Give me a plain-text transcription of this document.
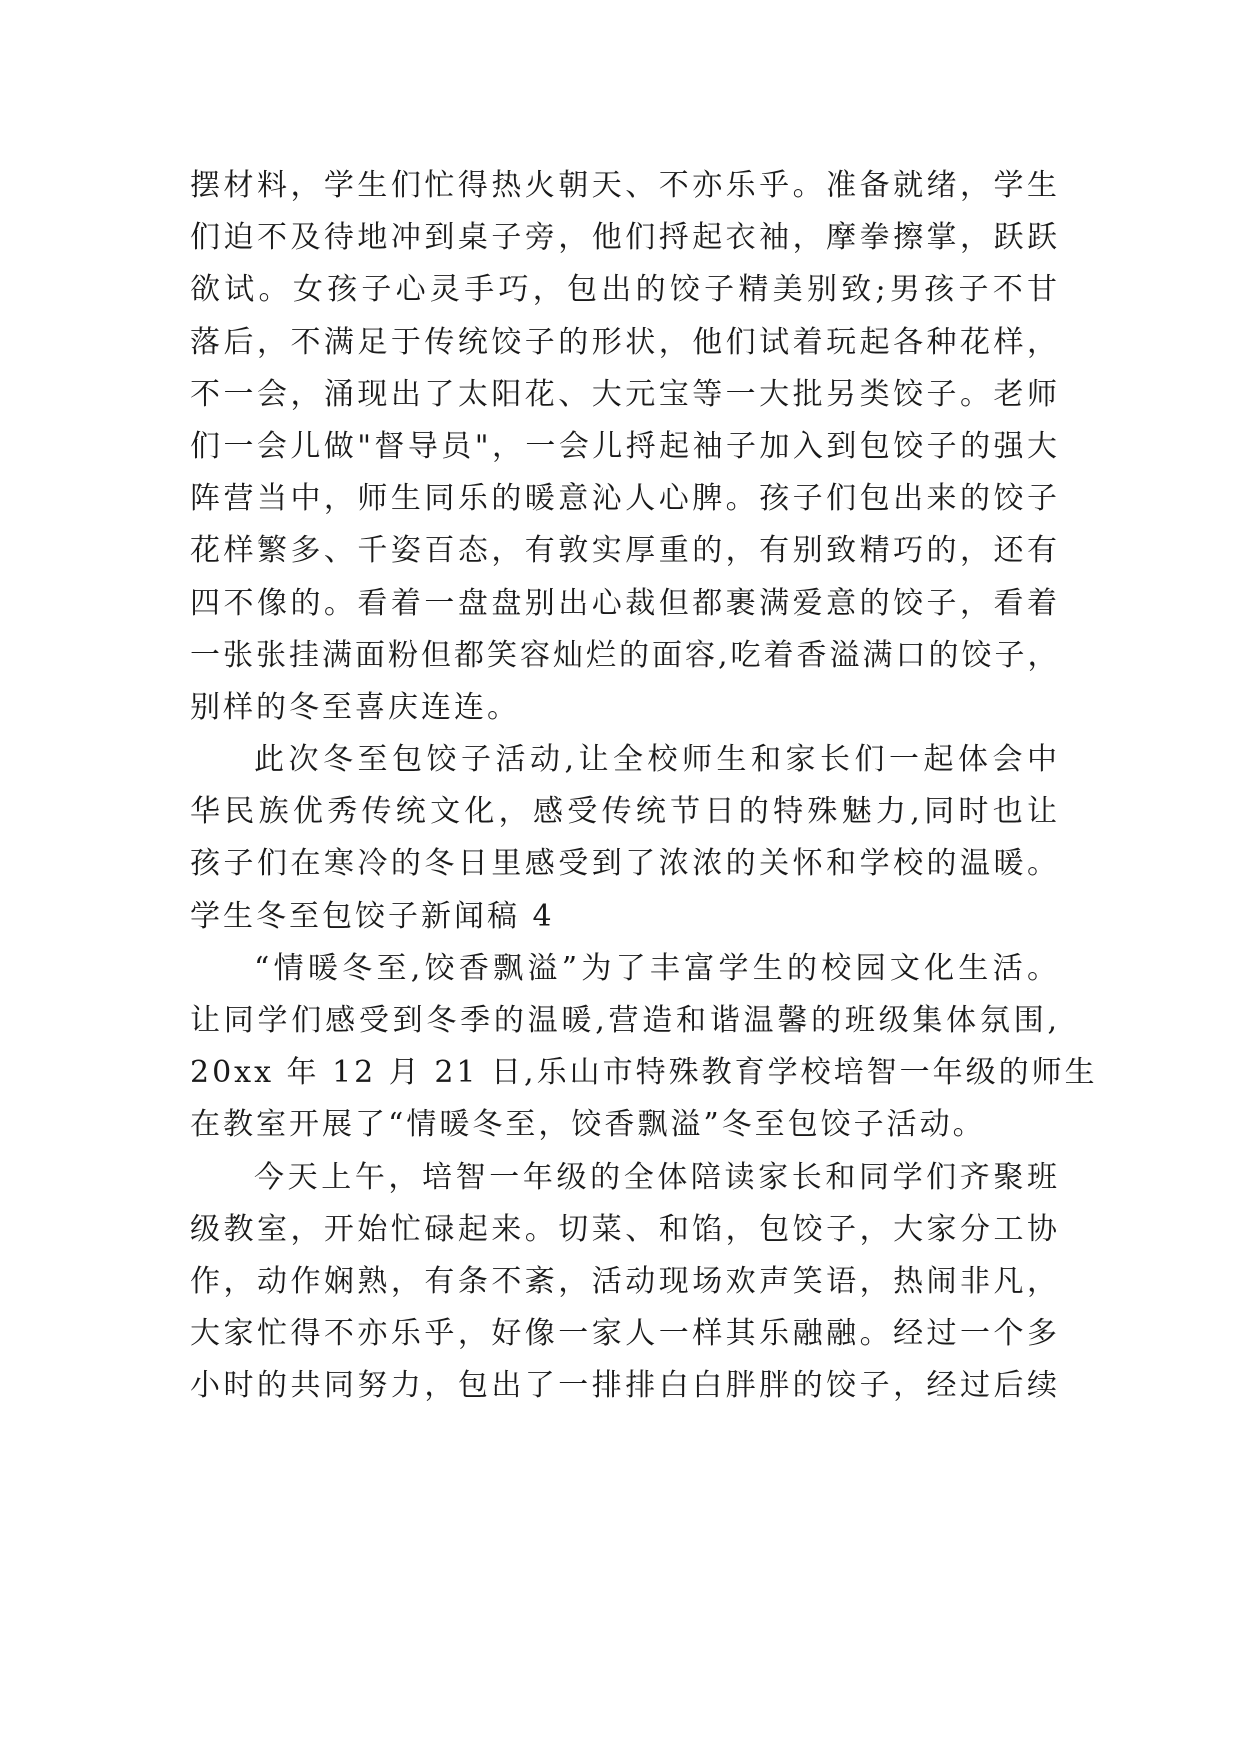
摆材料，学生们忙得热火朝天、不亦乐乎。准备就绪，学生
们迫不及待地冲到桌子旁，他们捋起衣袖，摩拳擦掌，跃跃
欲试。女孩子心灵手巧，包出的饺子精美别致;男孩子不甘
落后，不满足于传统饺子的形状，他们试着玩起各种花样，
不一会，涌现出了太阳花、大元宝等一大批另类饺子。老师
们一会儿做"督导员"，一会儿捋起袖子加入到包饺子的强大
阵营当中，师生同乐的暖意沁人心脾。孩子们包出来的饺子
花样繁多、千姿百态，有敦实厚重的，有别致精巧的，还有
四不像的。看着一盘盘别出心裁但都裹满爱意的饺子，看着
一张张挂满面粉但都笑容灿烂的面容,吃着香溢满口的饺子，
别样的冬至喜庆连连。
此次冬至包饺子活动,让全校师生和家长们一起体会中
华民族优秀传统文化，感受传统节日的特殊魅力,同时也让
孩子们在寒冷的冬日里感受到了浓浓的关怀和学校的温暖。
学生冬至包饺子新闻稿 4
“情暖冬至,饺香飘溢”为了丰富学生的校园文化生活。
让同学们感受到冬季的温暖,营造和谐温馨的班级集体氛围,
20xx 年 12 月 21 日,乐山市特殊教育学校培智一年级的师生
在教室开展了“情暖冬至，饺香飘溢”冬至包饺子活动。
今天上午，培智一年级的全体陪读家长和同学们齐聚班
级教室，开始忙碌起来。切菜、和馅，包饺子，大家分工协
作，动作娴熟，有条不紊，活动现场欢声笑语，热闹非凡，
大家忙得不亦乐乎，好像一家人一样其乐融融。经过一个多
小时的共同努力，包出了一排排白白胖胖的饺子，经过后续
